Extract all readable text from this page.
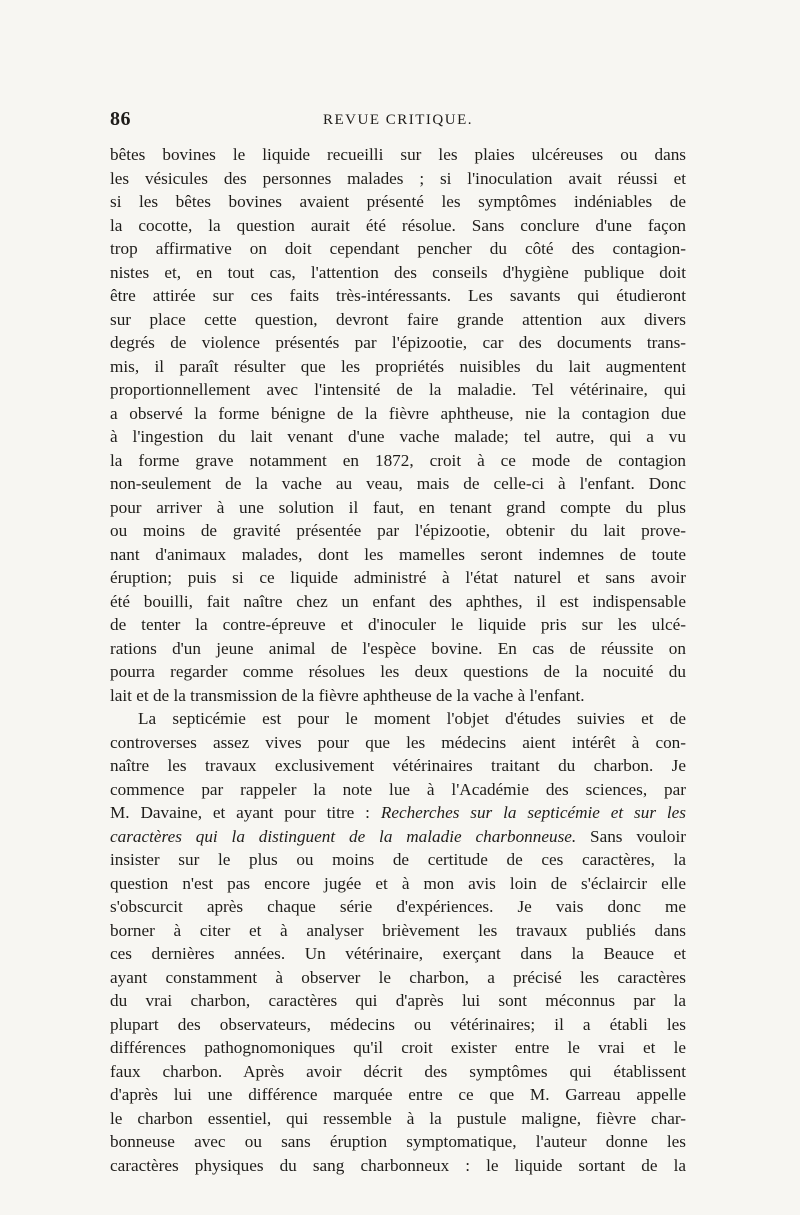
86	REVUE CRITIQUE.
bêtes bovines le liquide recueilli sur les plaies ulcéreuses ou dans
les vésicules des personnes malades ; si l'inoculation avait réussi et
si les bêtes bovines avaient présenté les symptômes indéniables de
la cocotte, la question aurait été résolue. Sans conclure d'une façon
trop affirmative on doit cependant pencher du côté des contagion-
nistes et, en tout cas, l'attention des conseils d'hygiène publique doit
être attirée sur ces faits très-intéressants. Les savants qui étudieront
sur place cette question, devront faire grande attention aux divers
degrés de violence présentés par l'épizootie, car des documents trans-
mis, il paraît résulter que les propriétés nuisibles du lait augmentent
proportionnellement avec l'intensité de la maladie. Tel vétérinaire, qui
a observé la forme bénigne de la fièvre aphtheuse, nie la contagion due
à l'ingestion du lait venant d'une vache malade; tel autre, qui a vu
la forme grave notamment en 1872, croit à ce mode de contagion
non-seulement de la vache au veau, mais de celle-ci à l'enfant. Donc
pour arriver à une solution il faut, en tenant grand compte du plus
ou moins de gravité présentée par l'épizootie, obtenir du lait prove-
nant d'animaux malades, dont les mamelles seront indemnes de toute
éruption; puis si ce liquide administré à l'état naturel et sans avoir
été bouilli, fait naître chez un enfant des aphthes, il est indispensable
de tenter la contre-épreuve et d'inoculer le liquide pris sur les ulcé-
rations d'un jeune animal de l'espèce bovine. En cas de réussite on
pourra regarder comme résolues les deux questions de la nocuité du
lait et de la transmission de la fièvre aphtheuse de la vache à l'enfant.
La septicémie est pour le moment l'objet d'études suivies et de
controverses assez vives pour que les médecins aient intérêt à con-
naître les travaux exclusivement vétérinaires traitant du charbon. Je
commence par rappeler la note lue à l'Académie des sciences, par
M. Davaine, et ayant pour titre : Recherches sur la septicémie et sur les
caractères qui la distinguent de la maladie charbonneuse. Sans vouloir
insister sur le plus ou moins de certitude de ces caractères, la
question n'est pas encore jugée et à mon avis loin de s'éclaircir elle
s'obscurcit après chaque série d'expériences. Je vais donc me
borner à citer et à analyser brièvement les travaux publiés dans
ces dernières années. Un vétérinaire, exerçant dans la Beauce et
ayant constamment à observer le charbon, a précisé les caractères
du vrai charbon, caractères qui d'après lui sont méconnus par la
plupart des observateurs, médecins ou vétérinaires; il a établi les
différences pathognomoniques qu'il croit exister entre le vrai et le
faux charbon. Après avoir décrit des symptômes qui établissent
d'après lui une différence marquée entre ce que M. Garreau appelle
le charbon essentiel, qui ressemble à la pustule maligne, fièvre char-
bonneuse avec ou sans éruption symptomatique, l'auteur donne les
caractères physiques du sang charbonneux : le liquide sortant de la
